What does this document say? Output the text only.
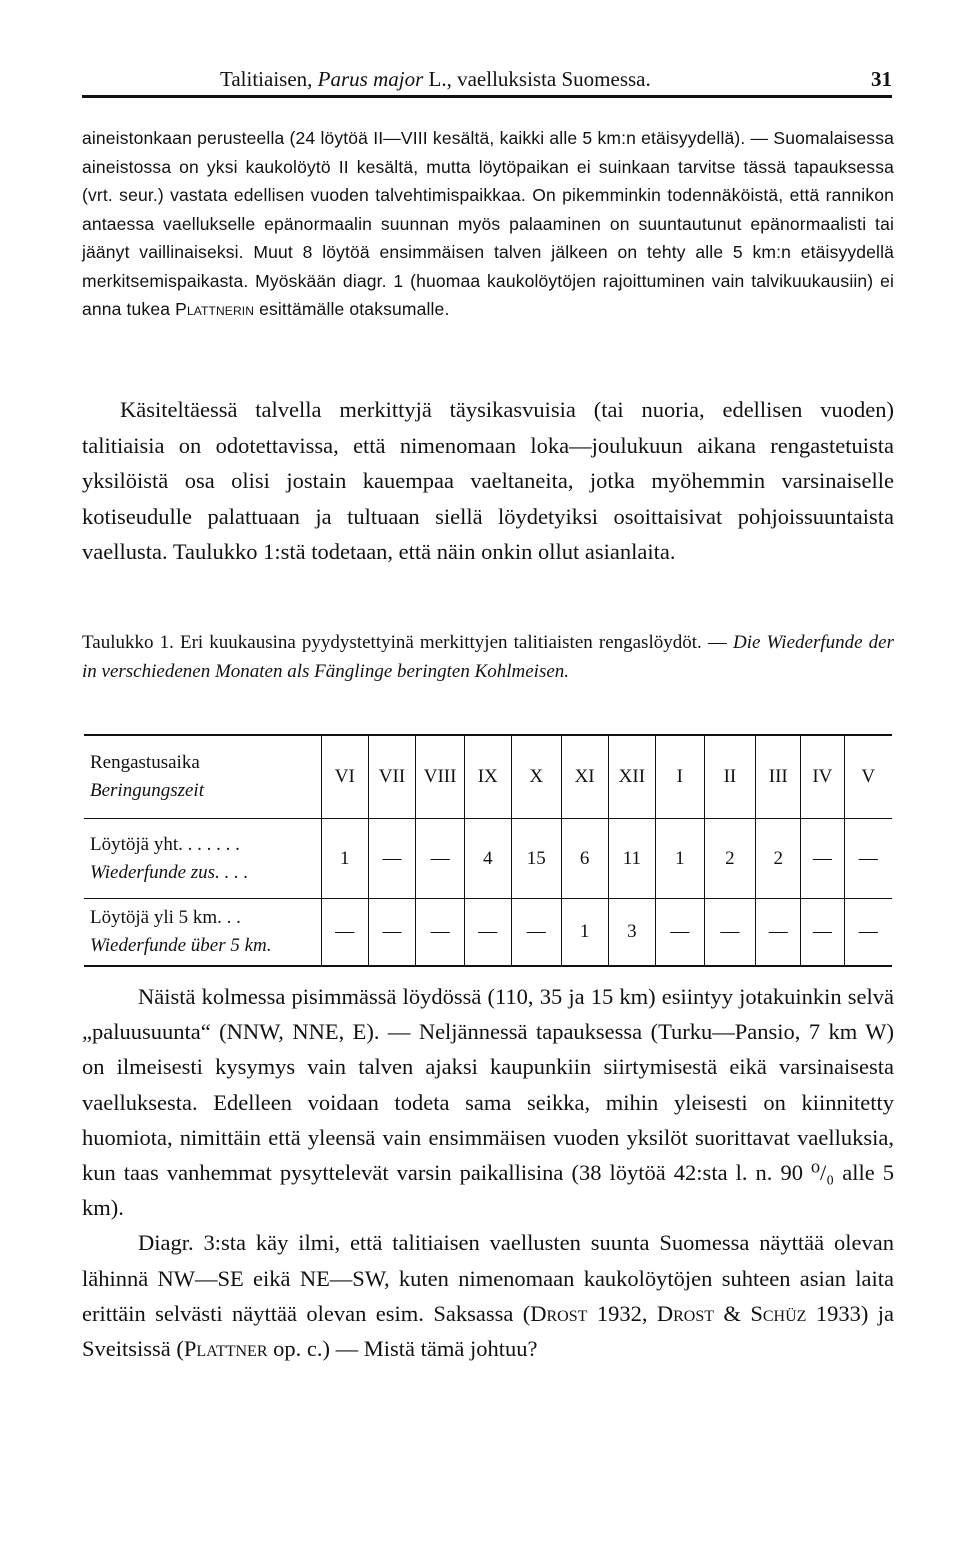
Talitiaisen, Parus major L., vaelluksista Suomessa.	31

aineistonkaan perusteella (24 löytöä II—VIII kesältä, kaikki alle 5 km:n etäisyydellä). — Suomalaisessa aineistossa on yksi kaukolöytö II kesältä, mutta löytöpaikan ei suinkaan tarvitse tässä tapauksessa (vrt. seur.) vastata edellisen vuoden talvehtimispaikkaa. On pikemminkin todennäköistä, että rannikon antaessa vaellukselle epänormaalin suunnan myös palaaminen on suuntautunut epänormaalisti tai jäänyt vaillinaiseksi. Muut 8 löytöä ensimmäisen talven jälkeen on tehty alle 5 km:n etäisyydellä merkitsemispaikasta. Myöskään diagr. 1 (huomaa kaukolöytöjen rajoittuminen vain talvikuukausiin) ei anna tukea Plattnerin esittämälle otaksumalle.

Käsiteltäessä talvella merkittyjä täysikasvuisia (tai nuoria, edellisen vuoden) talitiaisia on odotettavissa, että nimenomaan loka—joulukuun aikana rengastetuista yksilöistä osa olisi jostain kauempaa vaeltaneita, jotka myöhemmin varsinaiselle kotiseudulle palattuaan ja tultuaan siellä löydetyiksi osoittaisivat pohjoissuuntaista vaellusta. Taulukko 1:stä todetaan, että näin onkin ollut asianlaita.

Taulukko 1. Eri kuukausina pyydystettyinä merkittyjen talitiaisten rengaslöydöt. — Die Wiederfunde der in verschiedenen Monaten als Fänglinge beringten Kohlmeisen.

Rengastusaika
Beringungszeit	VI	VII	VIII	IX	X	XI	XII	I	II	III	IV	V

Löytöjä yht. . . . . . .
Wiederfunde zus. . . .	1	—	—	4	15	6	11	1	2	2	—	—

Löytöjä yli 5 km. . .
Wiederfunde über 5 km.	—	—	—	—	—	1	3	—	—	—	—	—

Näistä kolmessa pisimmässä löydössä (110, 35 ja 15 km) esiintyy jotakuinkin selvä „paluusuunta“ (NNW, NNE, E). — Neljännessä tapauksessa (Turku—Pansio, 7 km W) on ilmeisesti kysymys vain talven ajaksi kaupunkiin siirtymisestä eikä varsinaisesta vaelluksesta. Edelleen voidaan todeta sama seikka, mihin yleisesti on kiinnitetty huomiota, nimittäin että yleensä vain ensimmäisen vuoden yksilöt suorittavat vaelluksia, kun taas vanhemmat pysyttelevät varsin paikallisina (38 löytöä 42:sta l. n. 90 ⁰/₀ alle 5 km).

Diagr. 3:sta käy ilmi, että talitiaisen vaellusten suunta Suomessa näyttää olevan lähinnä NW—SE eikä NE—SW, kuten nimenomaan kaukolöytöjen suhteen asian laita erittäin selvästi näyttää olevan esim. Saksassa (Drost 1932, Drost & Schüz 1933) ja Sveitsissä (Plattner op. c.) — Mistä tämä johtuu?
